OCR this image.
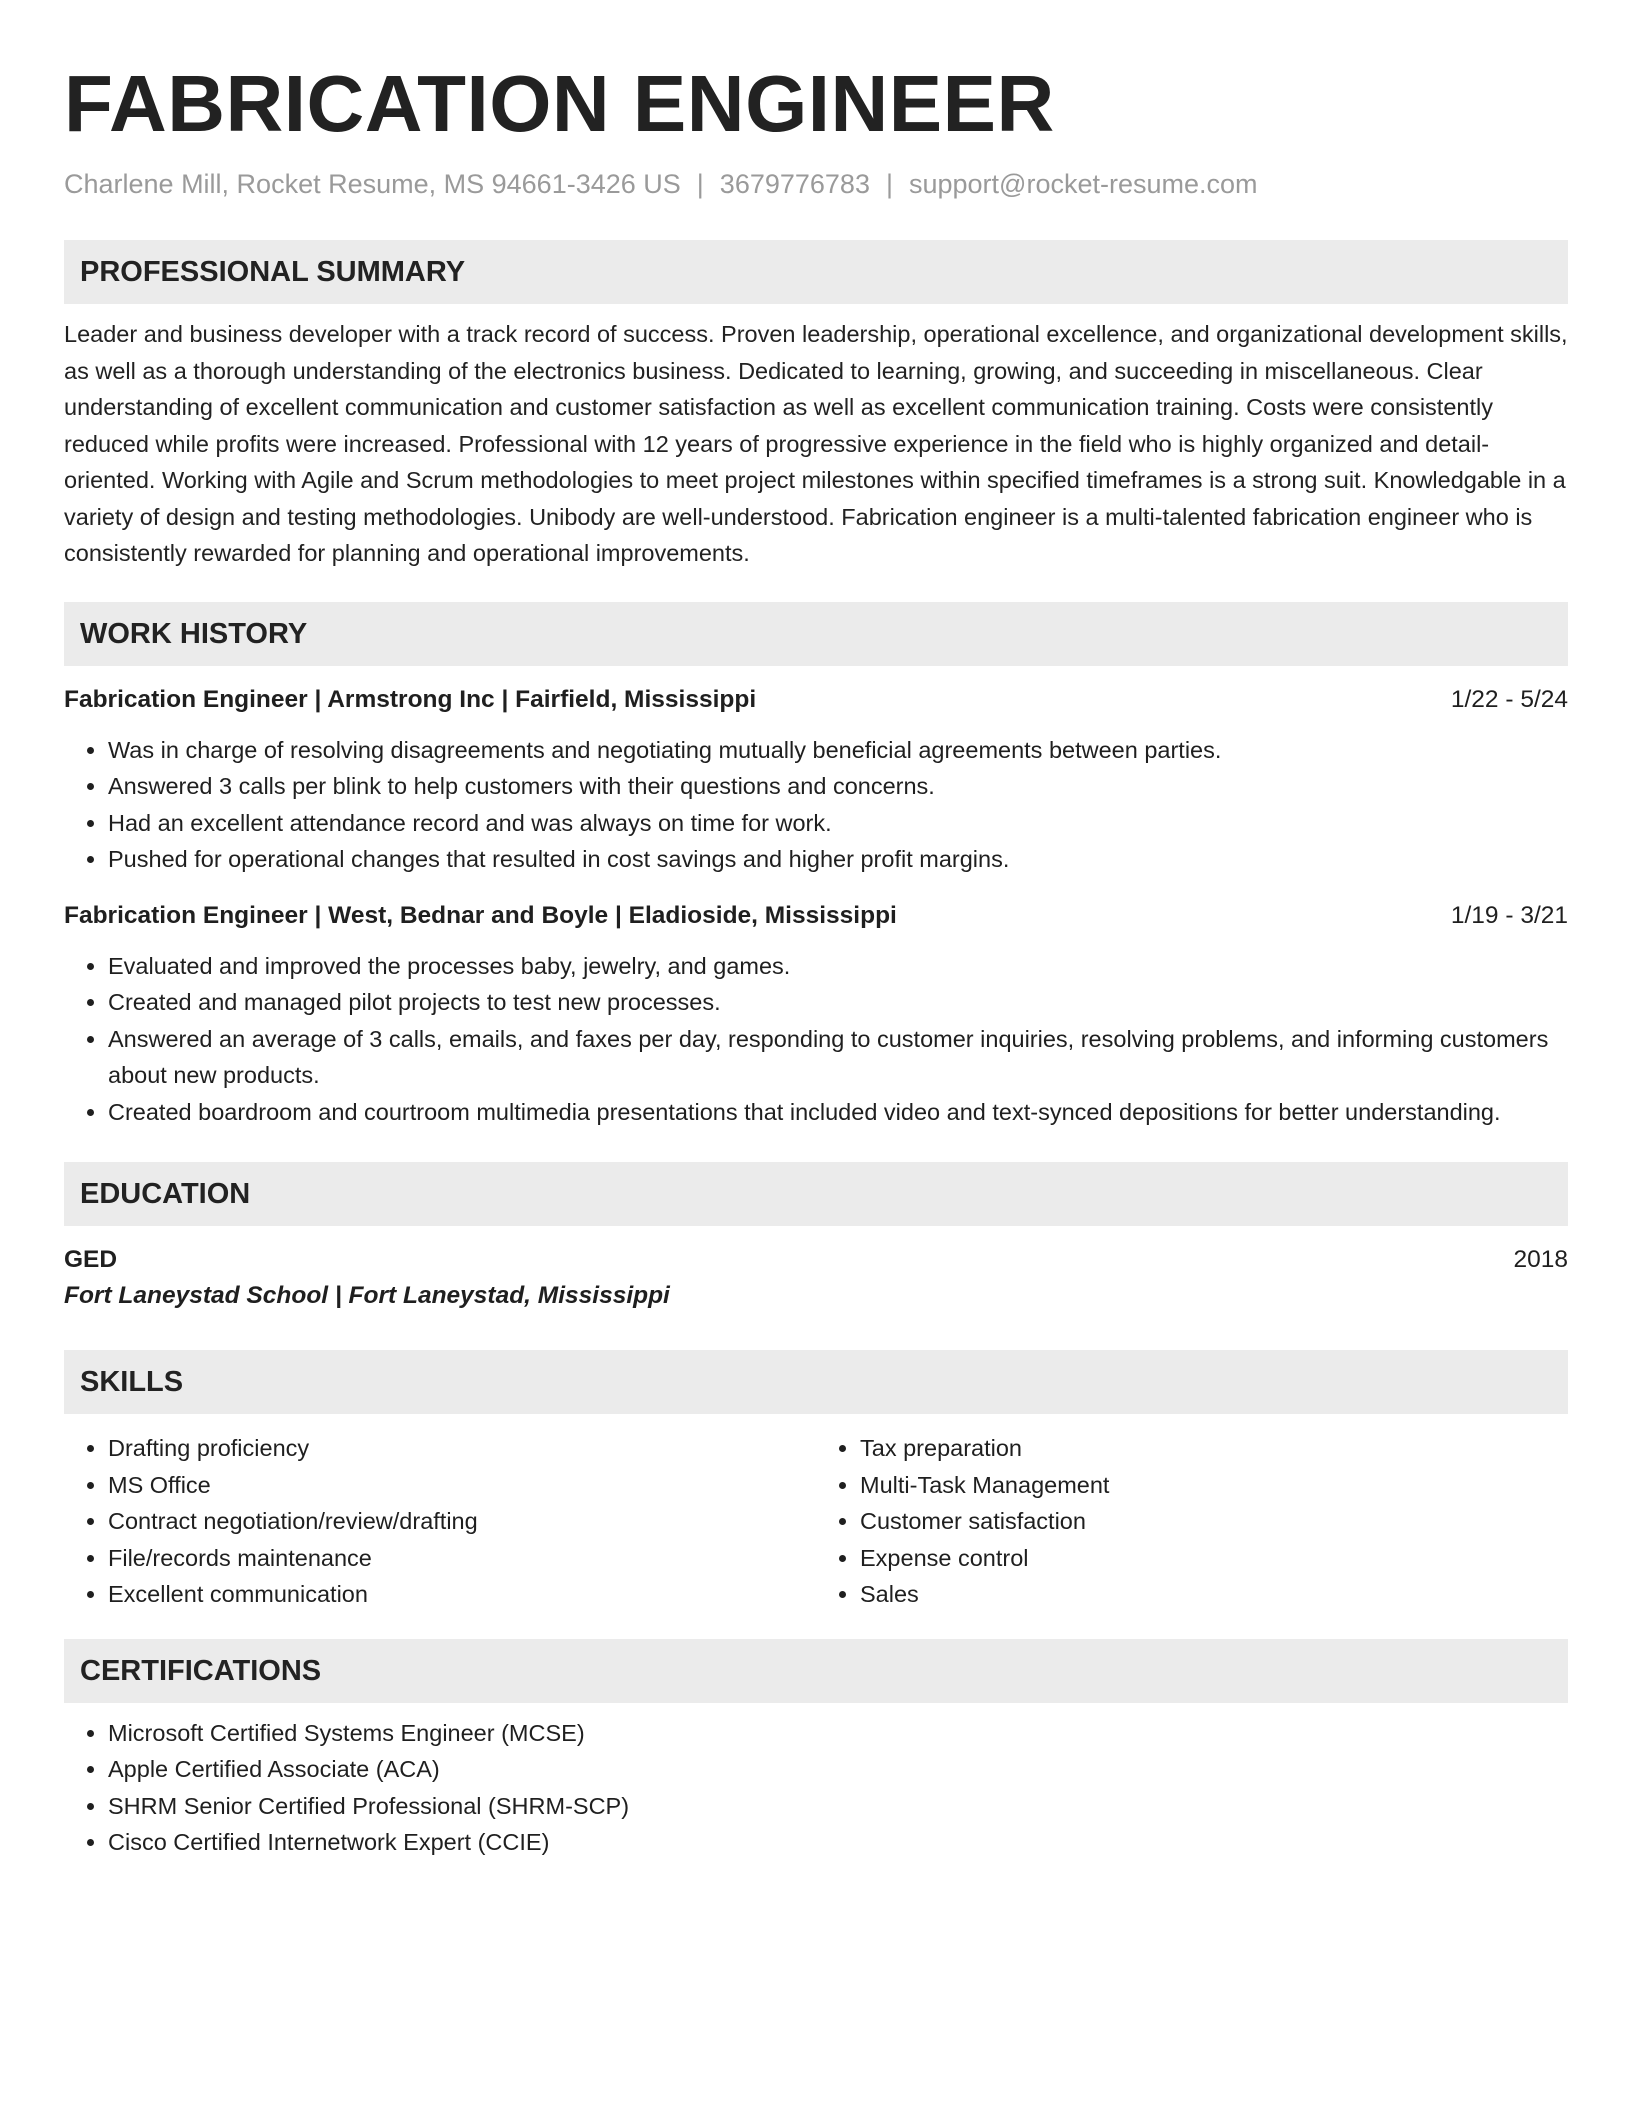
FABRICATION ENGINEER
Charlene Mill, Rocket Resume, MS 94661-3426 US | 3679776783 | support@rocket-resume.com
PROFESSIONAL SUMMARY

Leader and business developer with a track record of success. Proven leadership, operational excellence, and organizational development skills, as well as a thorough understanding of the electronics business. Dedicated to learning, growing, and succeeding in miscellaneous. Clear understanding of excellent communication and customer satisfaction as well as excellent communication training. Costs were consistently reduced while profits were increased. Professional with 12 years of progressive experience in the field who is highly organized and detail-oriented. Working with Agile and Scrum methodologies to meet project milestones within specified timeframes is a strong suit. Knowledgable in a variety of design and testing methodologies. Unibody are well-understood. Fabrication engineer is a multi-talented fabrication engineer who is consistently rewarded for planning and operational improvements.

WORK HISTORY
Fabrication Engineer | Armstrong Inc | Fairfield, Mississippi	1/22 - 5/24
• Was in charge of resolving disagreements and negotiating mutually beneficial agreements between parties.
• Answered 3 calls per blink to help customers with their questions and concerns.
• Had an excellent attendance record and was always on time for work.
• Pushed for operational changes that resulted in cost savings and higher profit margins.
Fabrication Engineer | West, Bednar and Boyle | Eladioside, Mississippi	1/19 - 3/21
• Evaluated and improved the processes baby, jewelry, and games.
• Created and managed pilot projects to test new processes.
• Answered an average of 3 calls, emails, and faxes per day, responding to customer inquiries, resolving problems, and informing customers about new products.
• Created boardroom and courtroom multimedia presentations that included video and text-synced depositions for better understanding.
EDUCATION
GED	2018
Fort Laneystad School | Fort Laneystad, Mississippi
SKILLS
• Drafting proficiency
• MS Office
• Contract negotiation/review/drafting
• File/records maintenance
• Excellent communication
• Tax preparation
• Multi-Task Management
• Customer satisfaction
• Expense control
• Sales
CERTIFICATIONS
• Microsoft Certified Systems Engineer (MCSE)
• Apple Certified Associate (ACA)
• SHRM Senior Certified Professional (SHRM-SCP)
• Cisco Certified Internetwork Expert (CCIE)
